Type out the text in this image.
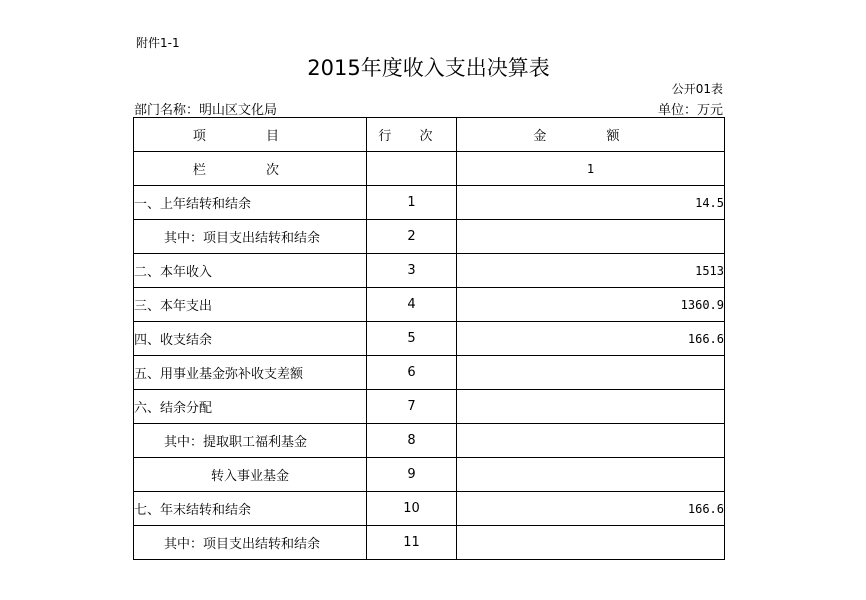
附件1-1
2015年度收入支出决算表
公开01表
部门名称：明山区文化局	单位：万元
项 目	行 次	金 额
栏 次		1
一、上年结转和结余	1	14.5
其中：项目支出结转和结余	2	
二、本年收入	3	1513
三、本年支出	4	1360.9
四、收支结余	5	166.6
五、用事业基金弥补收支差额	6	
六、结余分配	7	
其中：提取职工福利基金	8	
转入事业基金	9	
七、年末结转和结余	10	166.6
其中：项目支出结转和结余	11	
